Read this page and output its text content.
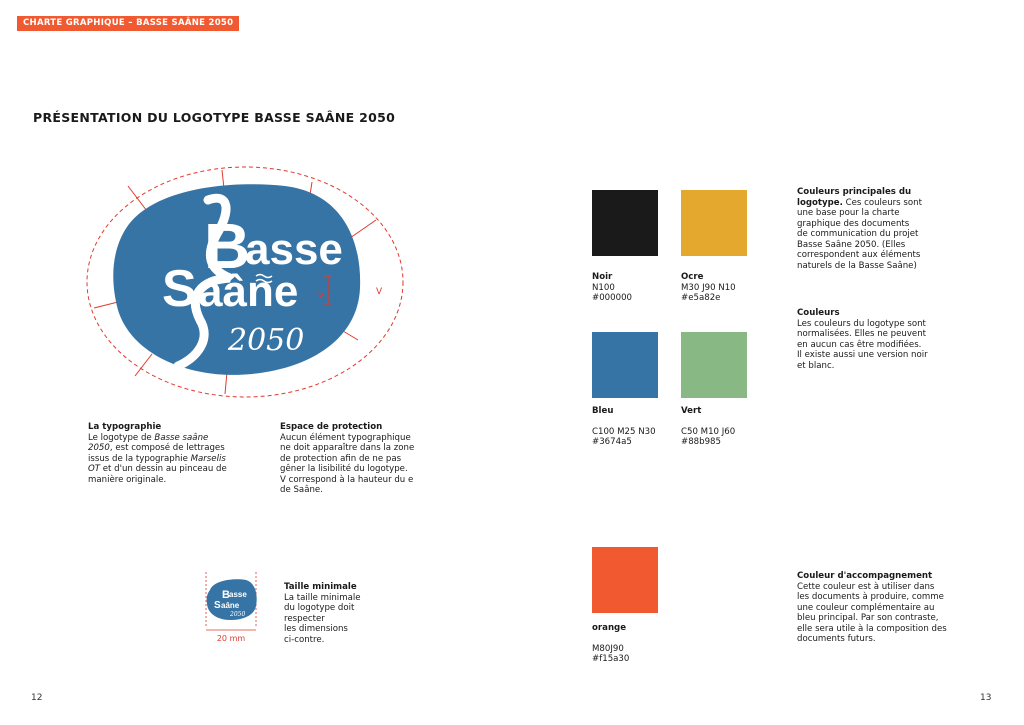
CHARTE GRAPHIQUE – BASSE SAÂNE 2050
PRÉSENTATION DU LOGOTYPE BASSE SAÂNE 2050
B
asse
S aâne
2050
V	V
La typographie
Le logotype de Basse saâne
2050, est composé de lettrages
issus de la typographie Marselis
OT et d'un dessin au pinceau de
manière originale.
Espace de protection
Aucun élément typographique
ne doit apparaître dans la zone
de protection afin de ne pas
gêner la lisibilité du logotype.
V correspond à la hauteur du e
de Saâne.
B asse
S aâne
2050
20 mm
Taille minimale
La taille minimale
du logotype doit
respecter
les dimensions
ci-contre.
Noir
N100
#000000
Ocre
M30 J90 N10
#e5a82e
Bleu
C100 M25 N30
#3674a5
Vert
C50 M10 J60
#88b985
orange
M80J90
#f15a30
Couleurs principales du
logotype. Ces couleurs sont
une base pour la charte
graphique des documents
de communication du projet
Basse Saâne 2050. (Elles
correspondent aux éléments
naturels de la Basse Saâne)
Couleurs
Les couleurs du logotype sont
normalisées. Elles ne peuvent
en aucun cas être modifiées.
Il existe aussi une version noir
et blanc.
Couleur d'accompagnement
Cette couleur est à utiliser dans
les documents à produire, comme
une couleur complémentaire au
bleu principal. Par son contraste,
elle sera utile à la composition des
documents futurs.
12	13
